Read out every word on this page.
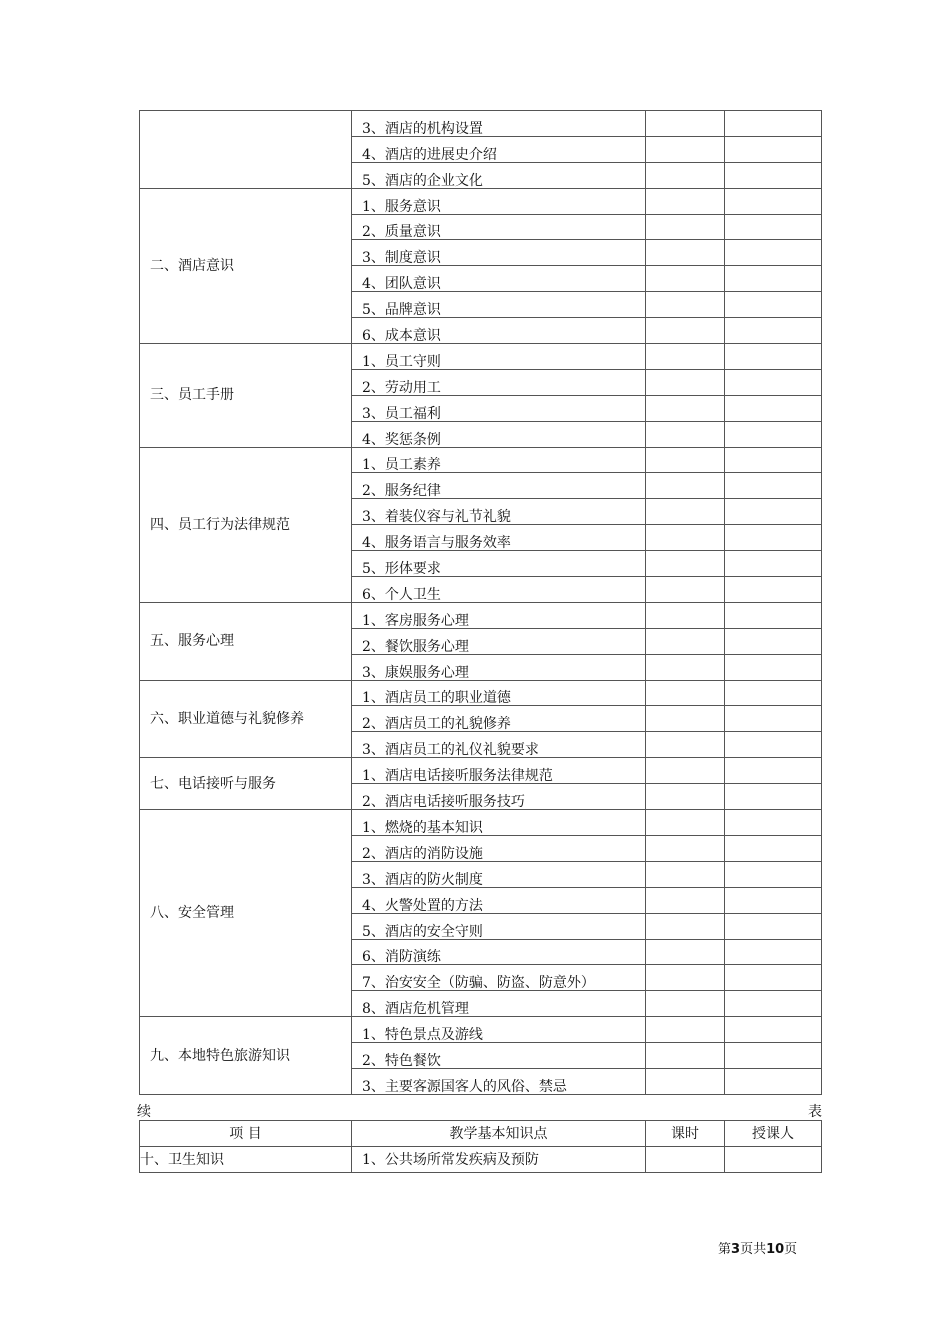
	3、酒店的机构设置		
	4、酒店的进展史介绍		
	5、酒店的企业文化		
二、酒店意识	1、服务意识		
	2、质量意识		
	3、制度意识		
	4、团队意识		
	5、品牌意识		
	6、成本意识		
三、员工手册	1、员工守则		
	2、劳动用工		
	3、员工福利		
	4、奖惩条例		
四、员工行为法律规范	1、员工素养		
	2、服务纪律		
	3、着装仪容与礼节礼貌		
	4、服务语言与服务效率		
	5、形体要求		
	6、个人卫生		
五、服务心理	1、客房服务心理		
	2、餐饮服务心理		
	3、康娱服务心理		
六、职业道德与礼貌修养	1、酒店员工的职业道德		
	2、酒店员工的礼貌修养		
	3、酒店员工的礼仪礼貌要求		
七、电话接听与服务	1、酒店电话接听服务法律规范		
	2、酒店电话接听服务技巧		
八、安全管理	1、燃烧的基本知识		
	2、酒店的消防设施		
	3、酒店的防火制度		
	4、火警处置的方法		
	5、酒店的安全守则		
	6、消防演练		
	7、治安安全（防骗、防盗、防意外）		
	8、酒店危机管理		
九、本地特色旅游知识	1、特色景点及游线		
	2、特色餐饮		
	3、主要客源国客人的风俗、禁忌		
续	表
项 目	教学基本知识点	课时	授课人
十、卫生知识	1、公共场所常发疾病及预防		
第3页共10页
